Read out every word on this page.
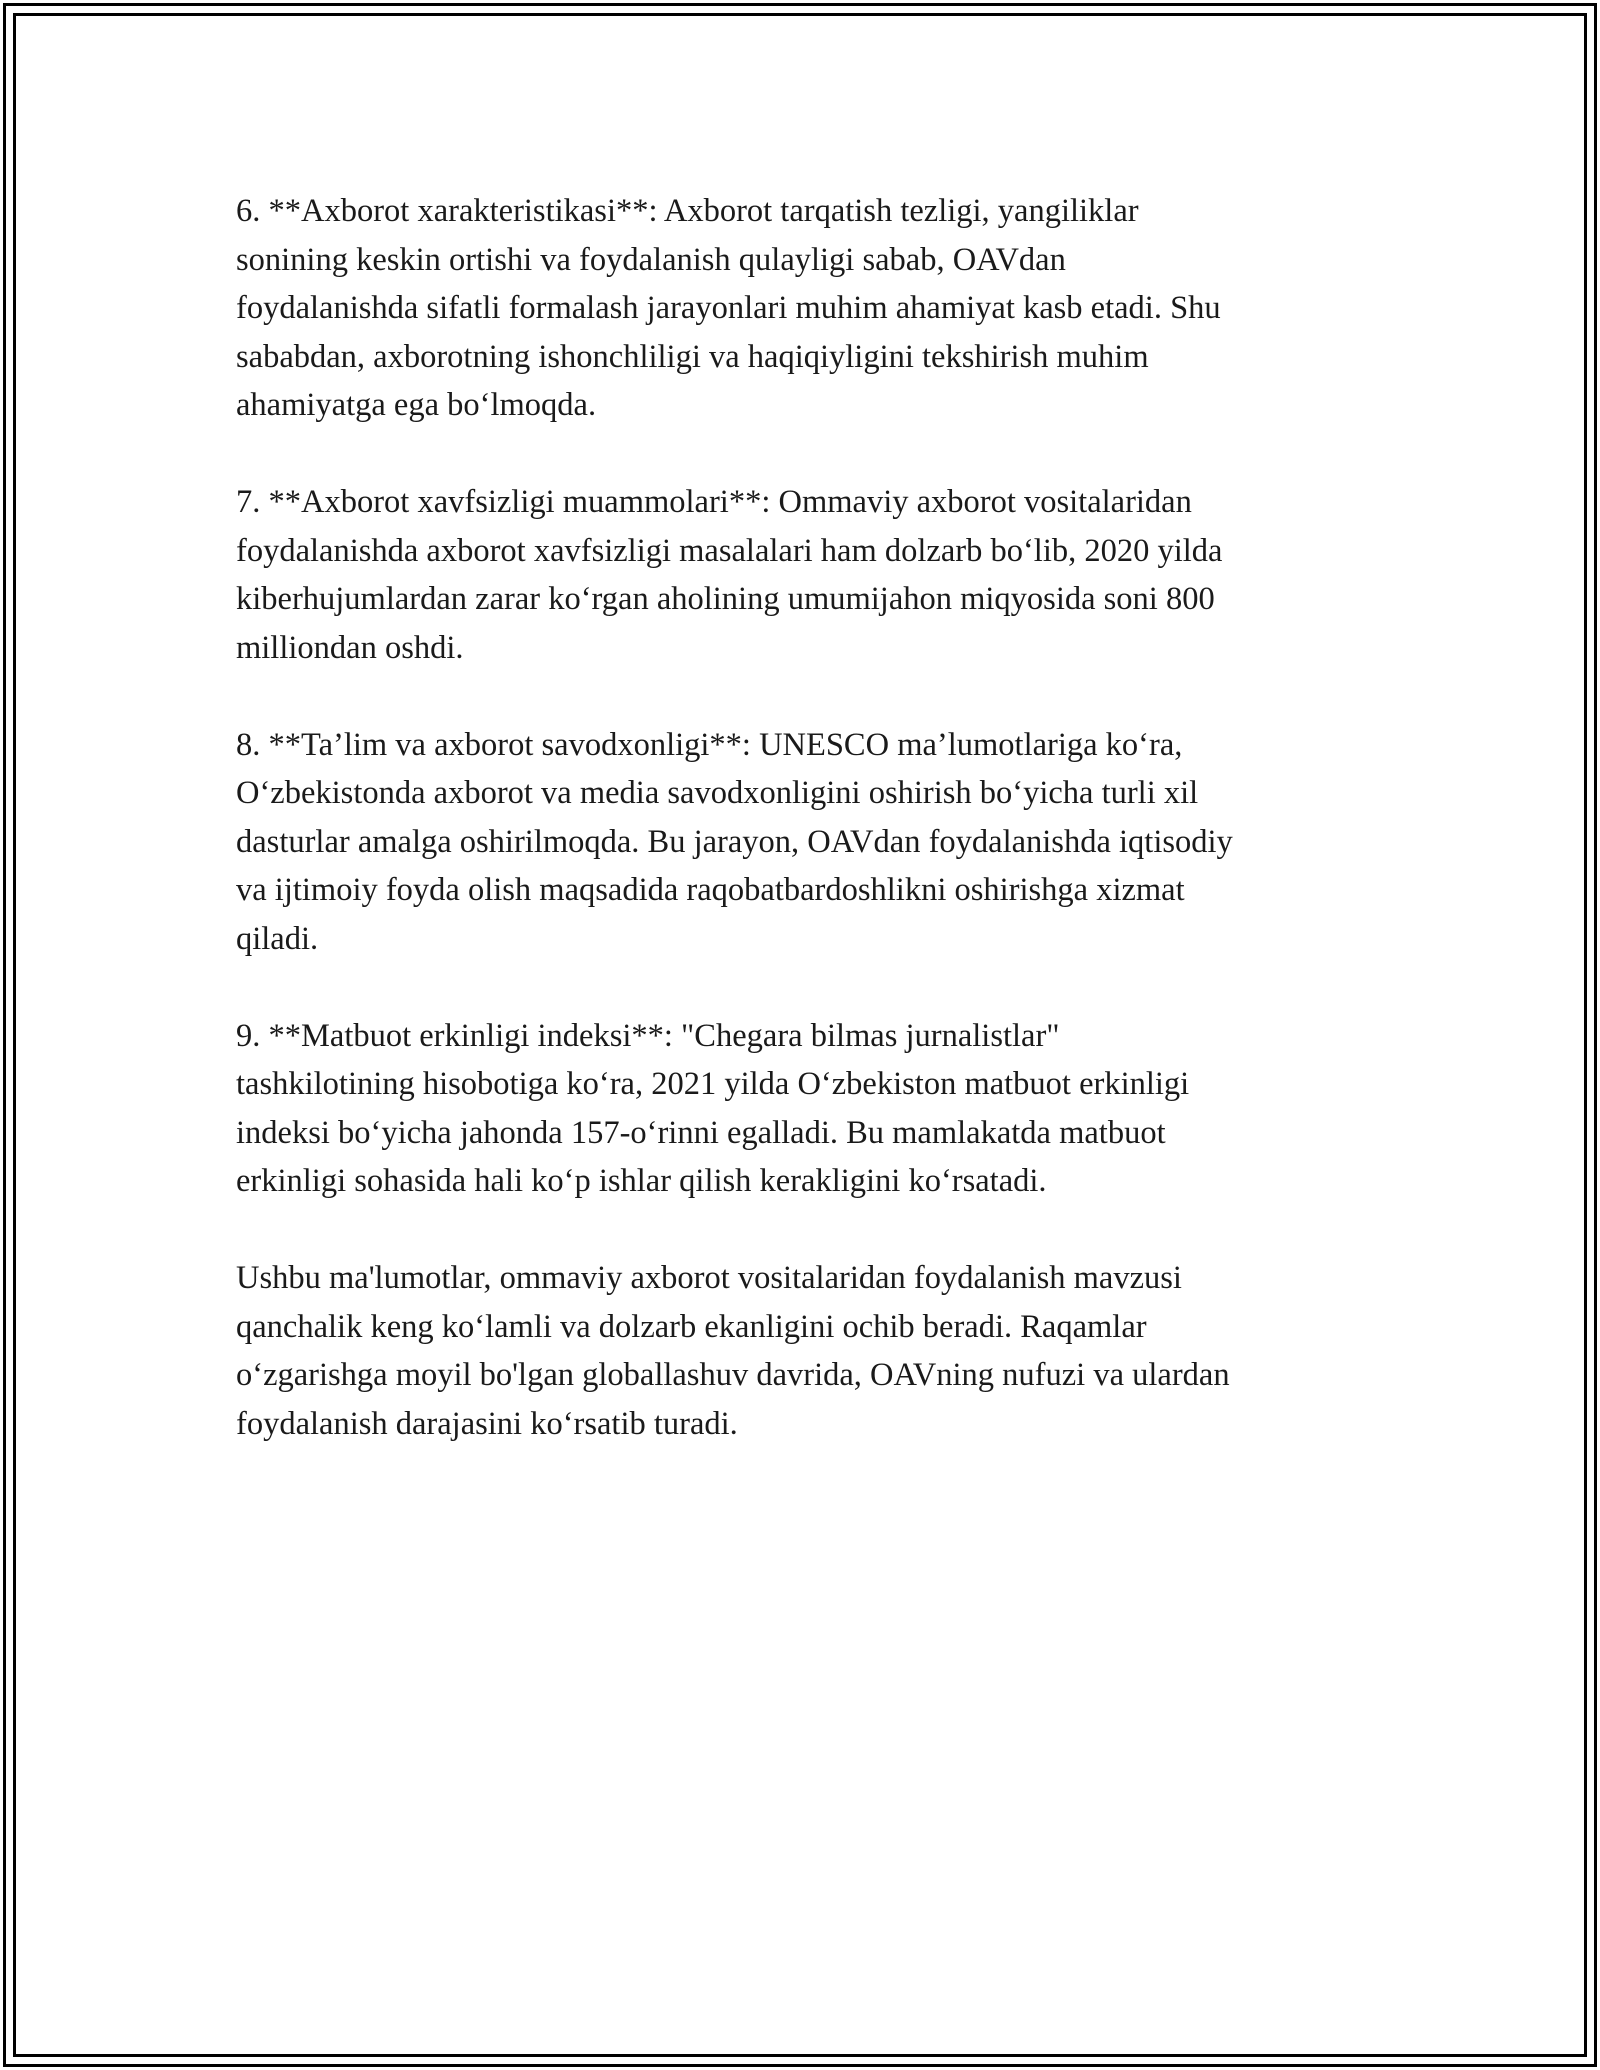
6. **Axborot xarakteristikasi**: Axborot tarqatish tezligi, yangiliklar
sonining keskin ortishi va foydalanish qulayligi sabab, OAVdan
foydalanishda sifatli formalash jarayonlari muhim ahamiyat kasb etadi. Shu
sababdan, axborotning ishonchliligi va haqiqiyligini tekshirish muhim
ahamiyatga ega bo‘lmoqda.

7. **Axborot xavfsizligi muammolari**: Ommaviy axborot vositalaridan
foydalanishda axborot xavfsizligi masalalari ham dolzarb bo‘lib, 2020 yilda
kiberhujumlardan zarar ko‘rgan aholining umumijahon miqyosida soni 800
milliondan oshdi.

8. **Ta’lim va axborot savodxonligi**: UNESCO ma’lumotlariga ko‘ra,
O‘zbekistonda axborot va media savodxonligini oshirish bo‘yicha turli xil
dasturlar amalga oshirilmoqda. Bu jarayon, OAVdan foydalanishda iqtisodiy
va ijtimoiy foyda olish maqsadida raqobatbardoshlikni oshirishga xizmat
qiladi.

9. **Matbuot erkinligi indeksi**: "Chegara bilmas jurnalistlar"
tashkilotining hisobotiga ko‘ra, 2021 yilda O‘zbekiston matbuot erkinligi
indeksi bo‘yicha jahonda 157-o‘rinni egalladi. Bu mamlakatda matbuot
erkinligi sohasida hali ko‘p ishlar qilish kerakligini ko‘rsatadi.

Ushbu ma'lumotlar, ommaviy axborot vositalaridan foydalanish mavzusi
qanchalik keng ko‘lamli va dolzarb ekanligini ochib beradi. Raqamlar
o‘zgarishga moyil bo'lgan globallashuv davrida, OAVning nufuzi va ulardan
foydalanish darajasini ko‘rsatib turadi.
